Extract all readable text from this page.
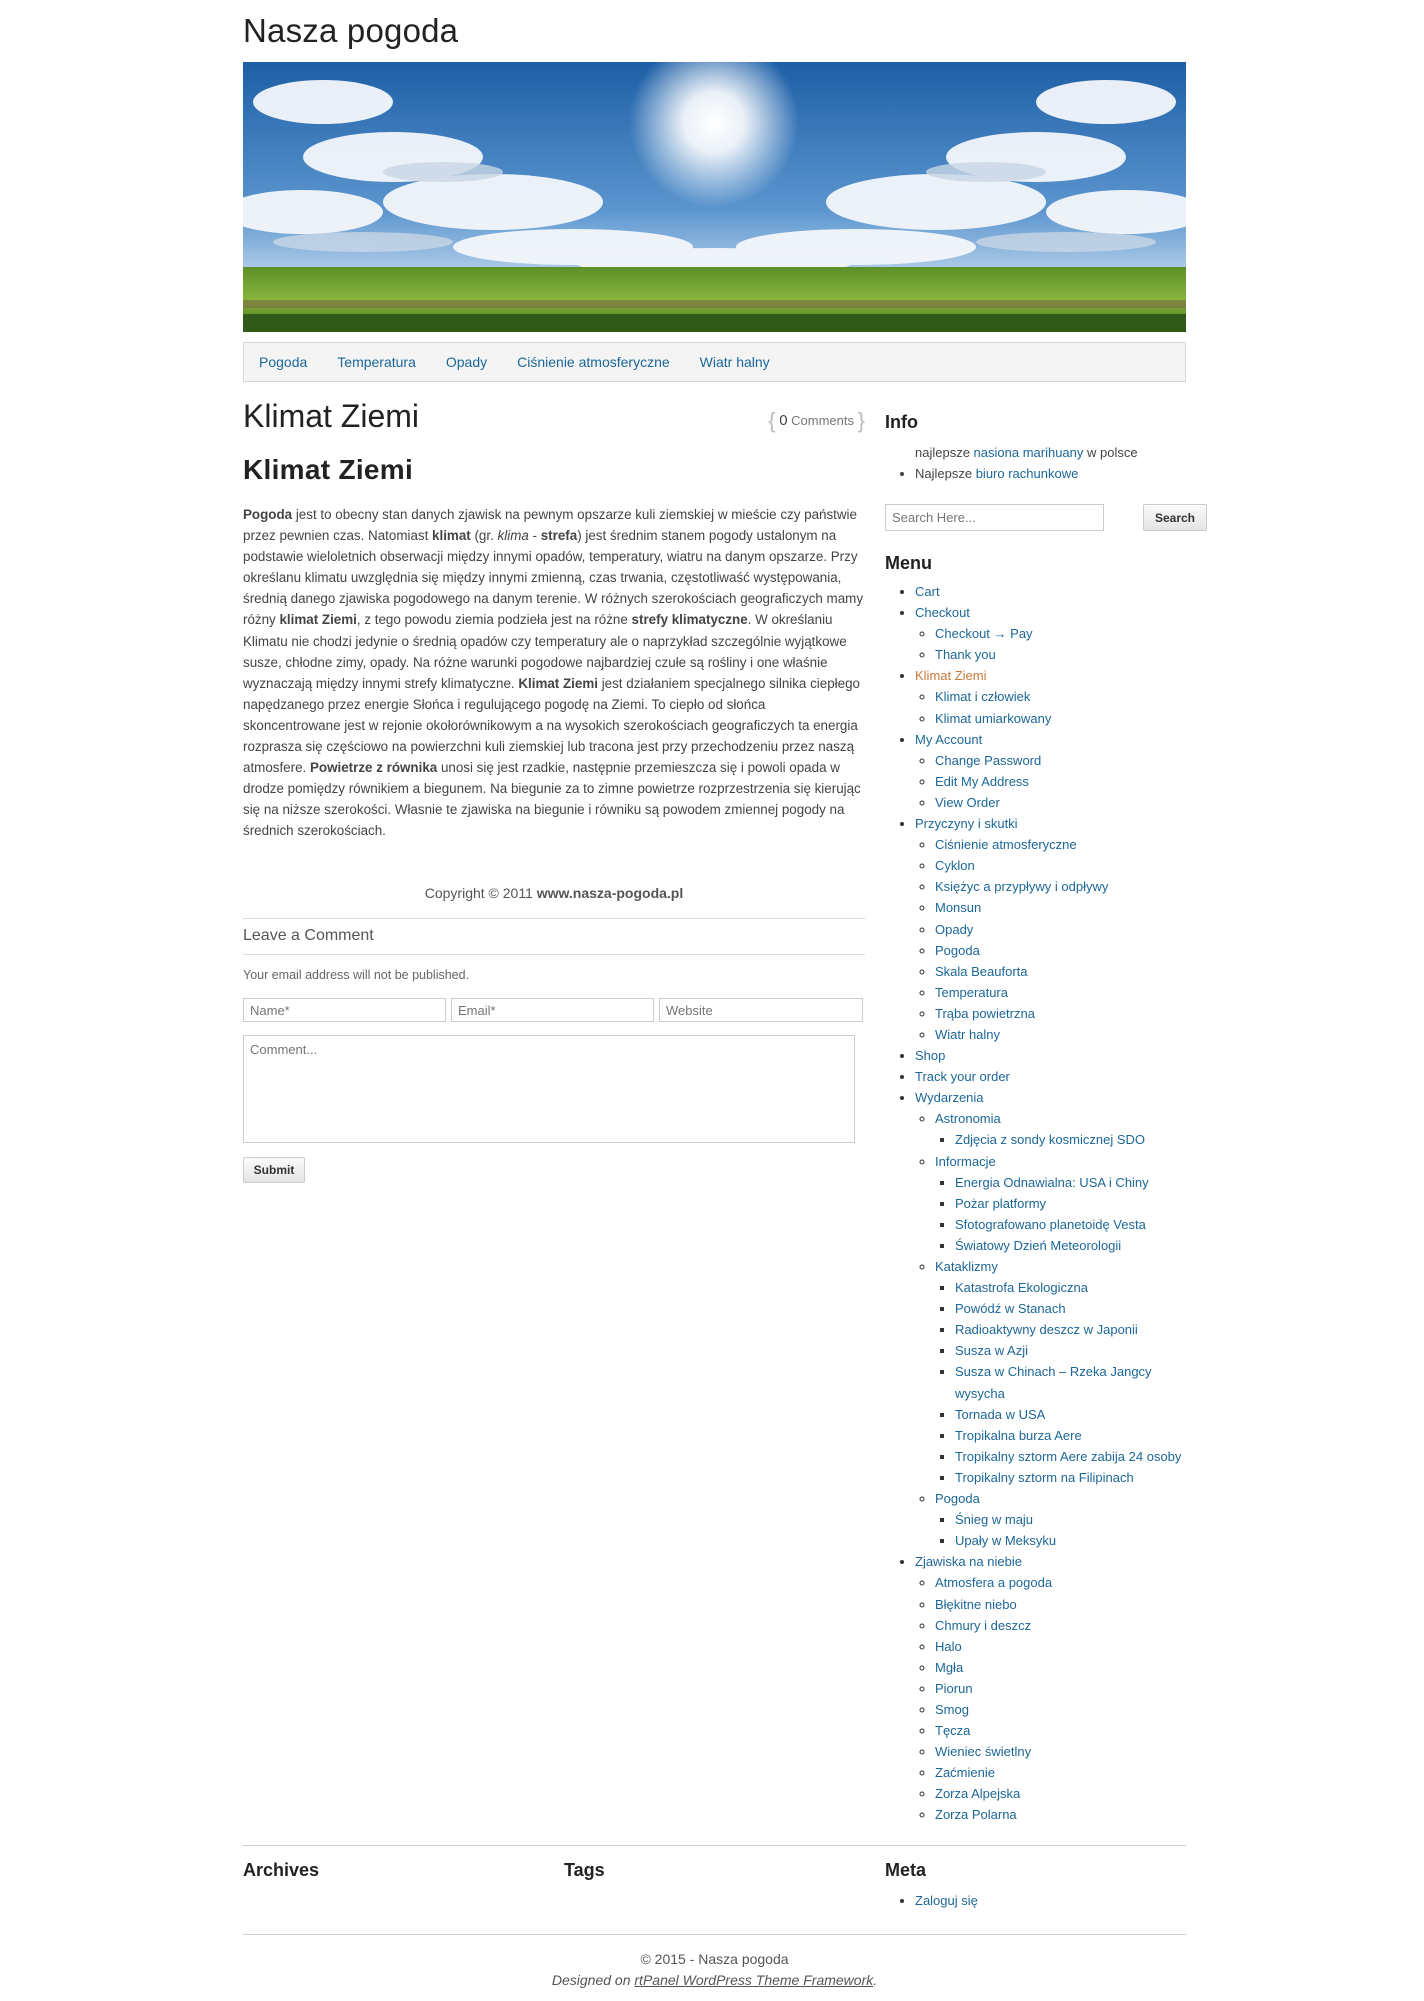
Nasza pogoda
Pogoda Temperatura Opady Ciśnienie atmosferyczne Wiatr halny
Klimat Ziemi	{ 0 Comments }
Klimat Ziemi

Pogoda jest to obecny stan danych zjawisk na pewnym opszarze kuli ziemskiej w mieście czy państwie przez pewnien czas. Natomiast klimat (gr. klima - strefa) jest średnim stanem pogody ustalonym na podstawie wieloletnich obserwacji między innymi opadów, temperatury, wiatru na danym opszarze. Przy określanu klimatu uwzględnia się między innymi zmienną, czas trwania, częstotliwaść występowania, średnią danego zjawiska pogodowego na danym terenie. W różnych szerokościach geograficzych mamy różny klimat Ziemi, z tego powodu ziemia podzieła jest na różne strefy klimatyczne. W określaniu Klimatu nie chodzi jedynie o średnią opadów czy temperatury ale o naprzykład szczególnie wyjątkowe susze, chłodne zimy, opady. Na różne warunki pogodowe najbardziej czułe są rośliny i one właśnie wyznaczają między innymi strefy klimatyczne. Klimat Ziemi jest działaniem specjalnego silnika ciepłego napędzanego przez energie Słońca i regulującego pogodę na Ziemi. To ciepło od słońca skoncentrowane jest w rejonie okołorównikowym a na wysokich szerokościach geograficzych ta energia rozprasza się częściowo na powierzchni kuli ziemskiej lub tracona jest przy przechodzeniu przez naszą atmosfere. Powietrze z równika unosi się jest rzadkie, następnie przemieszcza się i powoli opada w drodze pomiędzy równikiem a biegunem. Na biegunie za to zimne powietrze rozprzestrzenia się kierując się na niższe szerokości. Własnie te zjawiska na biegunie i równiku są powodem zmiennej pogody na średnich szerokościach.

Copyright © 2011 www.nasza-pogoda.pl
Leave a Comment
Your email address will not be published.
Name*
Email*
Website
Comment...
Submit
Info
najlepsze nasiona marihuany w polsce
• Najlepsze biuro rachunkowe
Search Here...
Search
Menu
• Cart
• Checkout
◦ Checkout → Pay
◦ Thank you
• Klimat Ziemi
◦ Klimat i człowiek
◦ Klimat umiarkowany
• My Account
◦ Change Password
◦ Edit My Address
◦ View Order
• Przyczyny i skutki
◦ Ciśnienie atmosferyczne
◦ Cyklon
◦ Księżyc a przypływy i odpływy
◦ Monsun
◦ Opady
◦ Pogoda
◦ Skala Beauforta
◦ Temperatura
◦ Trąba powietrzna
◦ Wiatr halny
• Shop
• Track your order
• Wydarzenia
◦ Astronomia
▪ Zdjęcia z sondy kosmicznej SDO
◦ Informacje
▪ Energia Odnawialna: USA i Chiny
▪ Pożar platformy
▪ Sfotografowano planetoidę Vesta
▪ Światowy Dzień Meteorologii
◦ Kataklizmy
▪ Katastrofa Ekologiczna
▪ Powódź w Stanach
▪ Radioaktywny deszcz w Japonii
▪ Susza w Azji
▪ Susza w Chinach – Rzeka Jangcy wysycha
▪ Tornada w USA
▪ Tropikalna burza Aere
▪ Tropikalny sztorm Aere zabija 24 osoby
▪ Tropikalny sztorm na Filipinach
◦ Pogoda
▪ Śnieg w maju
▪ Upały w Meksyku
• Zjawiska na niebie
◦ Atmosfera a pogoda
◦ Błękitne niebo
◦ Chmury i deszcz
◦ Halo
◦ Mgła
◦ Piorun
◦ Smog
◦ Tęcza
◦ Wieniec świetlny
◦ Zaćmienie
◦ Zorza Alpejska
◦ Zorza Polarna
Archives	Tags	Meta
• Zaloguj się
© 2015 - Nasza pogoda
Designed on rtPanel WordPress Theme Framework.
